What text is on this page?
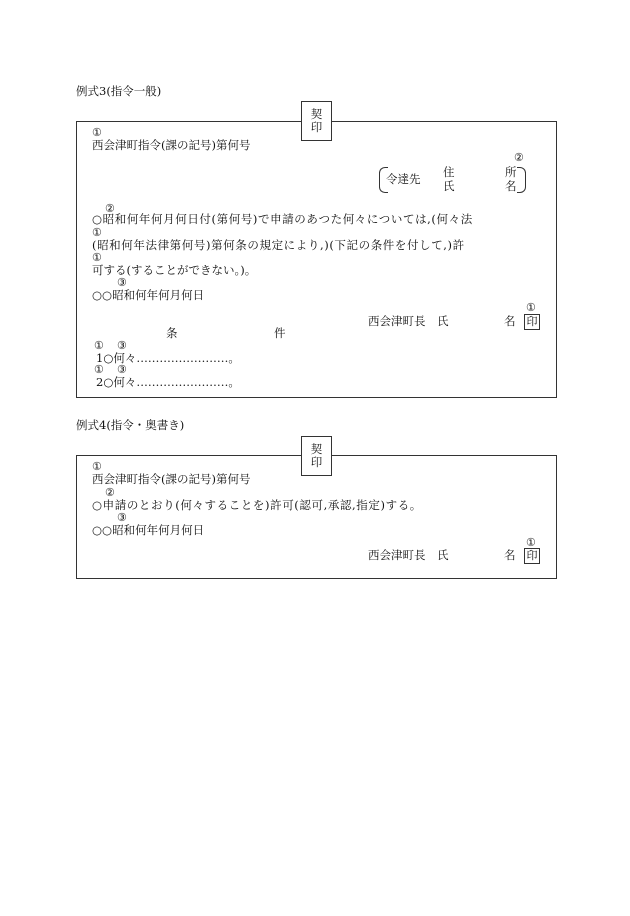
例式3(指令一般)
契
印
①
西会津町指令(課の記号)第何号
令達先 住	所
氏	名
②
②
○昭和何年何月何日付(第何号)で申請のあつた何々については,(何々法
①
(昭和何年法律第何号)第何条の規定により,)(下記の条件を付して,)許
①
可する(することができない。)。
③
○○昭和何年何月何日
西会津町長　氏	名
①
印
条	件
① ③
1○何々……………………。
① ③
2○何々……………………。
例式4(指令・奥書き)
契
印
①
西会津町指令(課の記号)第何号
②
○申請のとおり(何々することを)許可(認可,承認,指定)する。
③
○○昭和何年何月何日
西会津町長　氏	名
①
印
